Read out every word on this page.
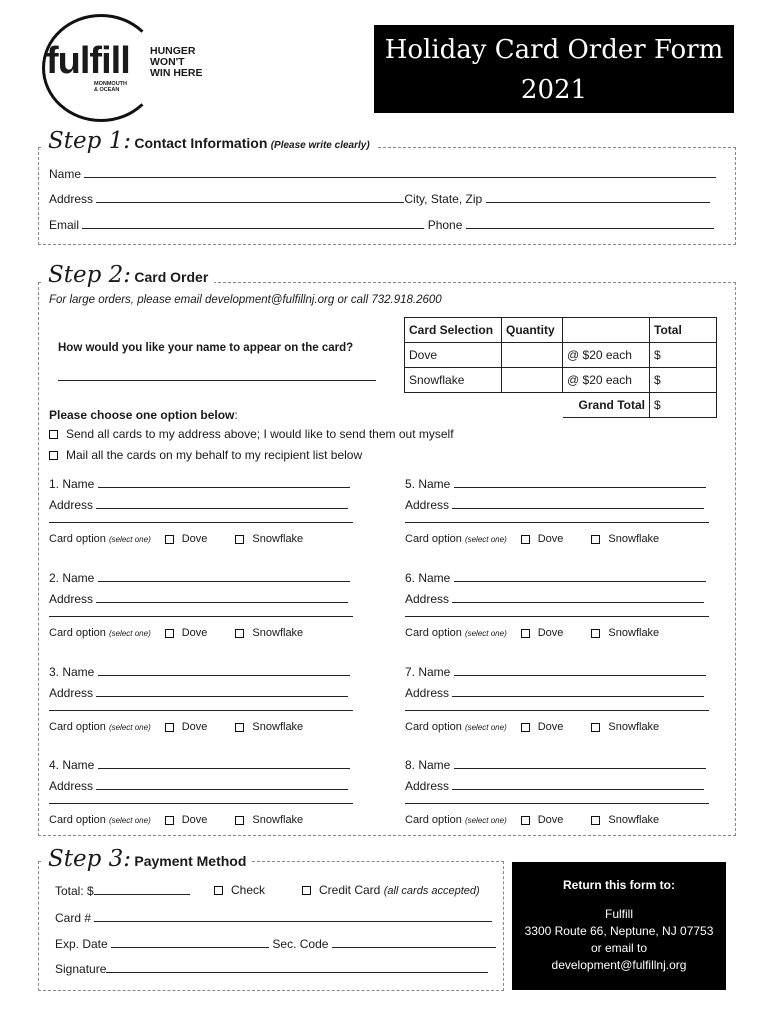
fulfill HUNGER
WON'T
WIN HERE
MONMOUTH
& OCEAN
Holiday Card Order Form
2021
Step 1: Contact Information (Please write clearly)
Name
Address	City, State, Zip
Email	Phone
Step 2: Card Order
For large orders, please email development@fulfillnj.org or call 732.918.2600
How would you like your name to appear on the card?
Card Selection	Quantity		Total
Dove		@ $20 each	$
Snowflake		@ $20 each	$
		Grand Total	$
Please choose one option below:
Send all cards to my address above; I would like to send them out myself
Mail all the cards on my behalf to my recipient list below
1. Name
Address
Card option (select one)	Dove	Snowflake
2. Name
Address
Card option (select one)	Dove	Snowflake
3. Name
Address
Card option (select one)	Dove	Snowflake
4. Name
Address
Card option (select one)	Dove	Snowflake
5. Name
Address
Card option (select one)	Dove	Snowflake
6. Name
Address
Card option (select one)	Dove	Snowflake
7. Name
Address
Card option (select one)	Dove	Snowflake
8. Name
Address
Card option (select one)	Dove	Snowflake
Step 3: Payment Method
Total: $	Check	Credit Card (all cards accepted)
Card #
Exp. Date	Sec. Code
Signature
Return this form to:
Fulfill
3300 Route 66, Neptune, NJ 07753
or email to
development@fulfillnj.org
